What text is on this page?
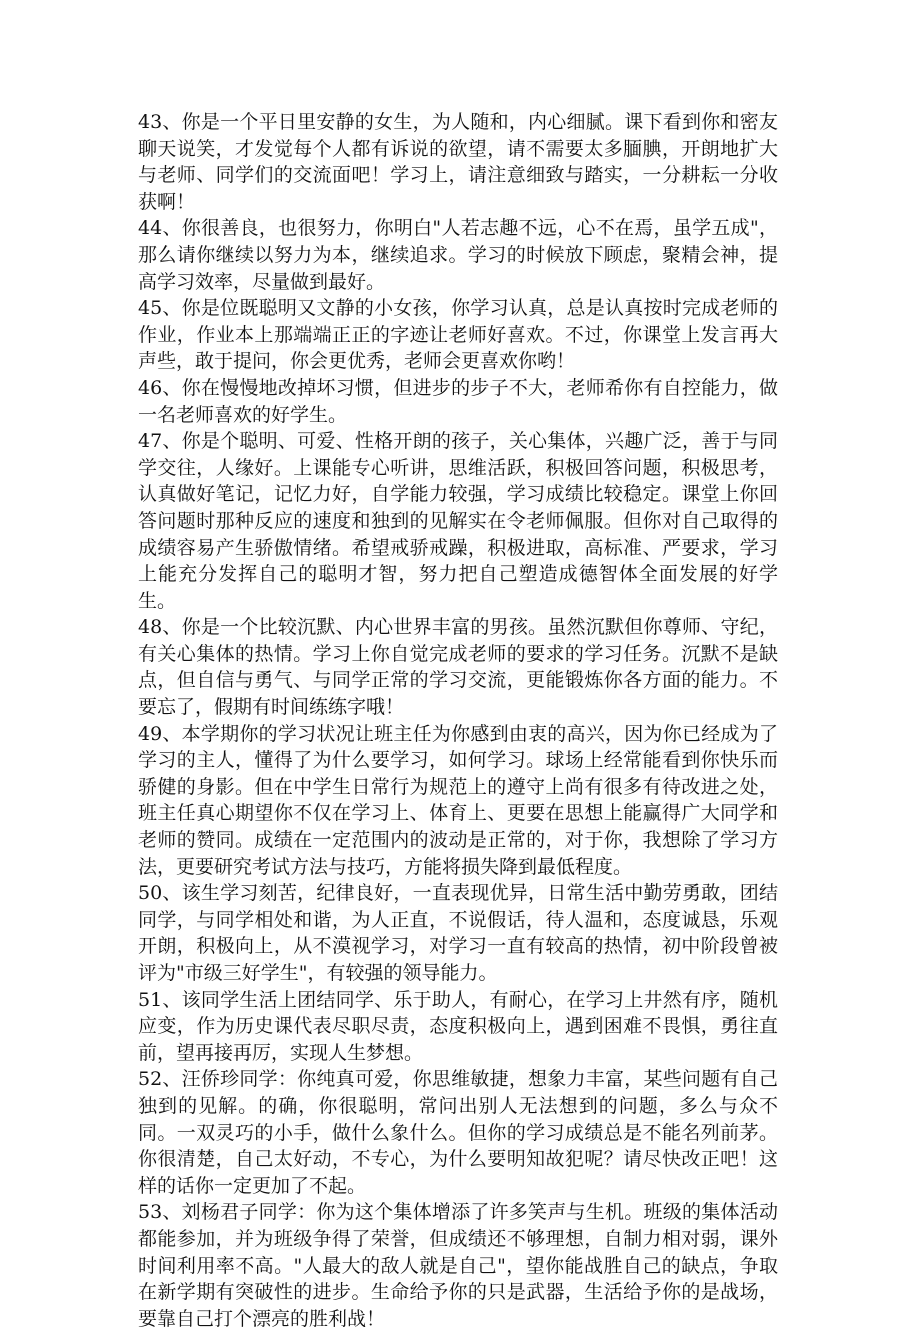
43、你是一个平日里安静的女生，为人随和，内心细腻。课下看到你和密友聊天说笑，才发觉每个人都有诉说的欲望，请不需要太多腼腆，开朗地扩大与老师、同学们的交流面吧！学习上，请注意细致与踏实，一分耕耘一分收获啊！

44、你很善良，也很努力，你明白"人若志趣不远，心不在焉，虽学五成"，那么请你继续以努力为本，继续追求。学习的时候放下顾虑，聚精会神，提高学习效率，尽量做到最好。

45、你是位既聪明又文静的小女孩，你学习认真，总是认真按时完成老师的作业，作业本上那端端正正的字迹让老师好喜欢。不过，你课堂上发言再大声些，敢于提问，你会更优秀，老师会更喜欢你哟！

46、你在慢慢地改掉坏习惯，但进步的步子不大，老师希你有自控能力，做一名老师喜欢的好学生。

47、你是个聪明、可爱、性格开朗的孩子，关心集体，兴趣广泛，善于与同学交往，人缘好。上课能专心听讲，思维活跃，积极回答问题，积极思考，认真做好笔记，记忆力好，自学能力较强，学习成绩比较稳定。课堂上你回答问题时那种反应的速度和独到的见解实在令老师佩服。但你对自己取得的成绩容易产生骄傲情绪。希望戒骄戒躁，积极进取，高标准、严要求，学习上能充分发挥自己的聪明才智，努力把自己塑造成德智体全面发展的好学生。

48、你是一个比较沉默、内心世界丰富的男孩。虽然沉默但你尊师、守纪，有关心集体的热情。学习上你自觉完成老师的要求的学习任务。沉默不是缺点，但自信与勇气、与同学正常的学习交流，更能锻炼你各方面的能力。不要忘了，假期有时间练练字哦！

49、本学期你的学习状况让班主任为你感到由衷的高兴，因为你已经成为了学习的主人，懂得了为什么要学习，如何学习。球场上经常能看到你快乐而骄健的身影。但在中学生日常行为规范上的遵守上尚有很多有待改进之处，班主任真心期望你不仅在学习上、体育上、更要在思想上能赢得广大同学和老师的赞同。成绩在一定范围内的波动是正常的，对于你，我想除了学习方法，更要研究考试方法与技巧，方能将损失降到最低程度。

50、该生学习刻苦，纪律良好，一直表现优异，日常生活中勤劳勇敢，团结同学，与同学相处和谐，为人正直，不说假话，待人温和，态度诚恳，乐观开朗，积极向上，从不漠视学习，对学习一直有较高的热情，初中阶段曾被评为"市级三好学生"，有较强的领导能力。

51、该同学生活上团结同学、乐于助人，有耐心，在学习上井然有序，随机应变，作为历史课代表尽职尽责，态度积极向上，遇到困难不畏惧，勇往直前，望再接再厉，实现人生梦想。

52、汪侨珍同学：你纯真可爱，你思维敏捷，想象力丰富，某些问题有自己独到的见解。的确，你很聪明，常问出别人无法想到的问题，多么与众不同。一双灵巧的小手，做什么象什么。但你的学习成绩总是不能名列前茅。你很清楚，自己太好动，不专心，为什么要明知故犯呢？请尽快改正吧！这样的话你一定更加了不起。

53、刘杨君子同学：你为这个集体增添了许多笑声与生机。班级的集体活动都能参加，并为班级争得了荣誉，但成绩还不够理想，自制力相对弱，课外时间利用率不高。"人最大的敌人就是自己"，望你能战胜自己的缺点，争取在新学期有突破性的进步。生命给予你的只是武器，生活给予你的是战场，要靠自己打个漂亮的胜利战！
